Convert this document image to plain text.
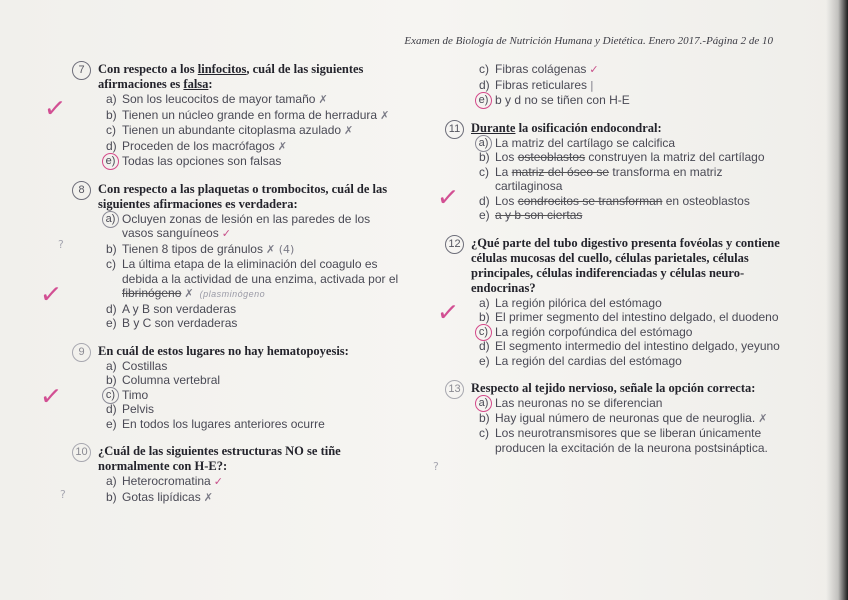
Examen de Biología de Nutrición Humana y Dietética. Enero 2017.-Página 2 de 10
7	Con respecto a los linfocitos, cuál de las siguientes afirmaciones es falsa:
a) Son los leucocitos de mayor tamaño ✗
b) Tienen un núcleo grande en forma de herradura ✗
c) Tienen un abundante citoplasma azulado ✗
d) Proceden de los macrófagos ✗
e) Todas las opciones son falsas
8	Con respecto a las plaquetas o trombocitos, cuál de las siguientes afirmaciones es verdadera:
a) Ocluyen zonas de lesión en las paredes de los vasos sanguíneos ✓
b) Tienen 8 tipos de gránulos ✗ (4)
c) La última etapa de la eliminación del coagulo es debida a la actividad de una enzima, activada por el fibrinógeno ✗ (plasminógeno
d) A y B son verdaderas
e) B y C son verdaderas
9	En cuál de estos lugares no hay hematopoyesis:
a) Costillas
b) Columna vertebral
c) Timo
d) Pelvis
e) En todos los lugares anteriores ocurre
10 ¿Cuál de las siguientes estructuras NO se tiñe normalmente con H-E?:
a) Heterocromatina ✓
b) Gotas lipídicas ✗
✓
✓
✓
?
?
c) Fibras colágenas ✓
d) Fibras reticulares |
e) b y d no se tiñen con H-E
11 Durante la osificación endocondral:
a) La matriz del cartílago se calcifica
b) Los osteoblastos construyen la matriz del cartílago
c) La matriz del óseo se transforma en matriz cartilaginosa
d) Los condrocitos se transforman en osteoblastos
e) a y b son ciertas
12 ¿Qué parte del tubo digestivo presenta fovéolas y contiene células mucosas del cuello, células parietales, células principales, células indiferenciadas y células neuro-endocrinas?
a) La región pilórica del estómago
b) El primer segmento del intestino delgado, el duodeno
c) La región corpofúndica del estómago
d) El segmento intermedio del intestino delgado, yeyuno
e) La región del cardias del estómago
13 Respecto al tejido nervioso, señale la opción correcta:
a) Las neuronas no se diferencian
b) Hay igual número de neuronas que de neuroglia. ✗
c) Los neurotransmisores que se liberan únicamente producen la excitación de la neurona postsináptica.
✓
✓
?
